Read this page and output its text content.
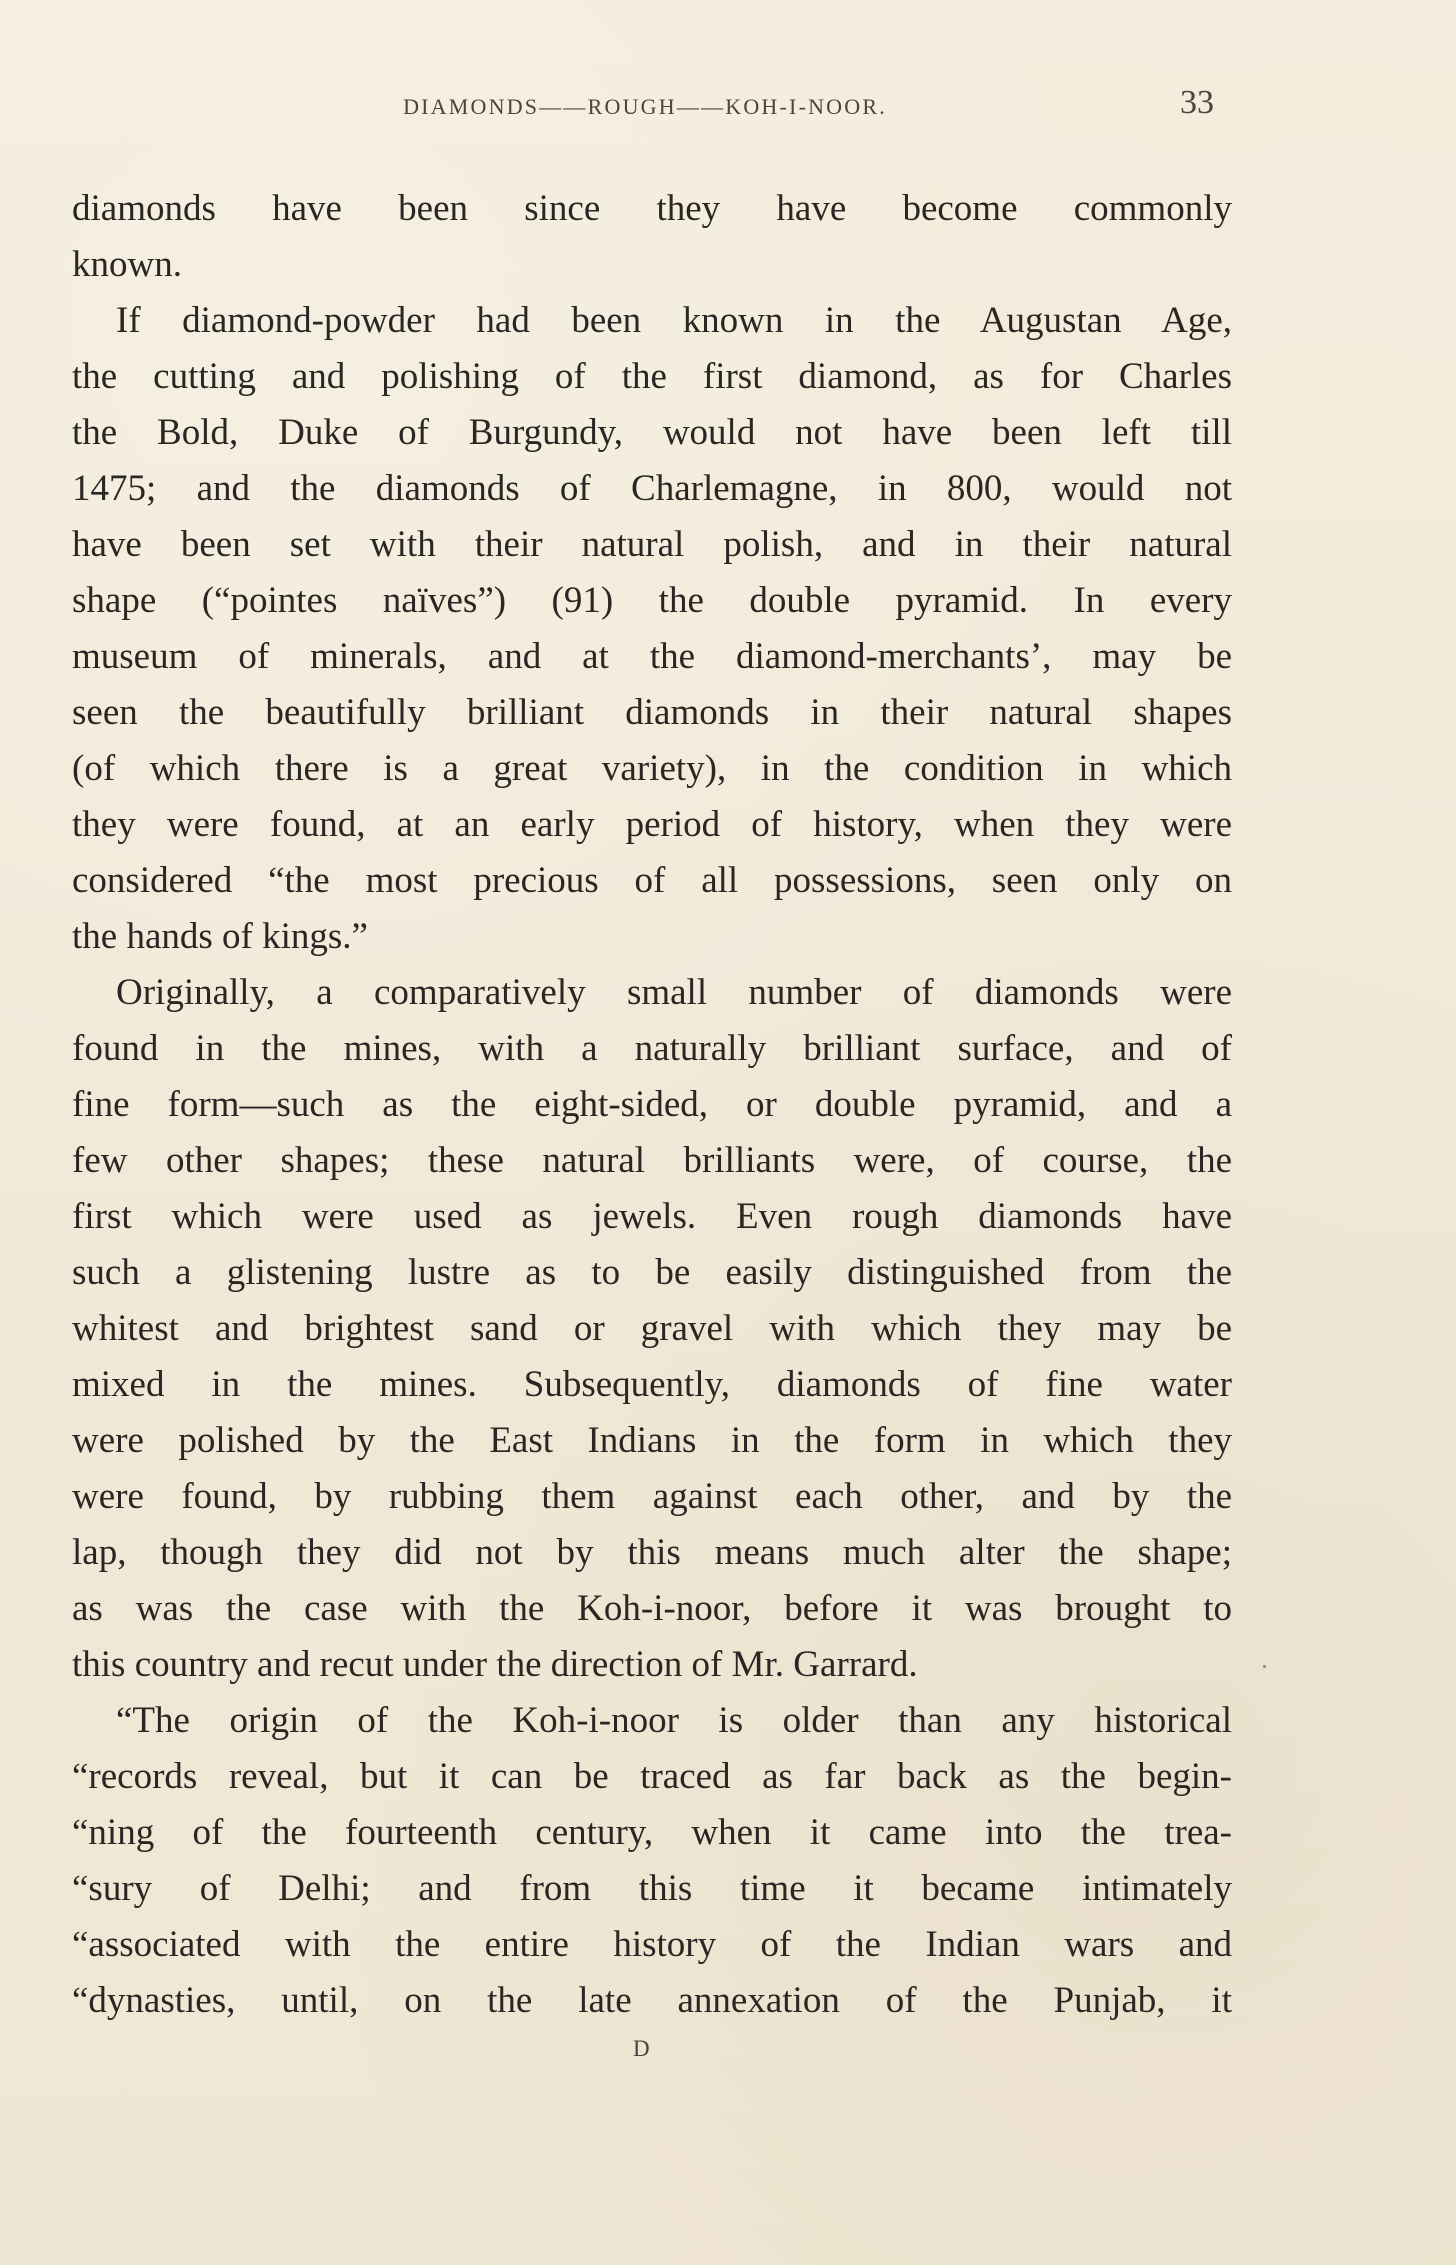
DIAMONDS——ROUGH——KOH-I-NOOR.	33
diamonds have been since they have become commonly
known.
If diamond-powder had been known in the Augustan Age,
the cutting and polishing of the first diamond, as for Charles
the Bold, Duke of Burgundy, would not have been left till
1475; and the diamonds of Charlemagne, in 800, would not
have been set with their natural polish, and in their natural
shape (“pointes naïves”) (91) the double pyramid. In every
museum of minerals, and at the diamond-merchants’, may be
seen the beautifully brilliant diamonds in their natural shapes
(of which there is a great variety), in the condition in which
they were found, at an early period of history, when they were
considered “the most precious of all possessions, seen only on
the hands of kings.”
Originally, a comparatively small number of diamonds were
found in the mines, with a naturally brilliant surface, and of
fine form—such as the eight-sided, or double pyramid, and a
few other shapes; these natural brilliants were, of course, the
first which were used as jewels. Even rough diamonds have
such a glistening lustre as to be easily distinguished from the
whitest and brightest sand or gravel with which they may be
mixed in the mines. Subsequently, diamonds of fine water
were polished by the East Indians in the form in which they
were found, by rubbing them against each other, and by the
lap, though they did not by this means much alter the shape;
as was the case with the Koh-i-noor, before it was brought to
this country and recut under the direction of Mr. Garrard.
“The origin of the Koh-i-noor is older than any historical
“records reveal, but it can be traced as far back as the begin-
“ning of the fourteenth century, when it came into the trea-
“sury of Delhi; and from this time it became intimately
“associated with the entire history of the Indian wars and
“dynasties, until, on the late annexation of the Punjab, it
D
